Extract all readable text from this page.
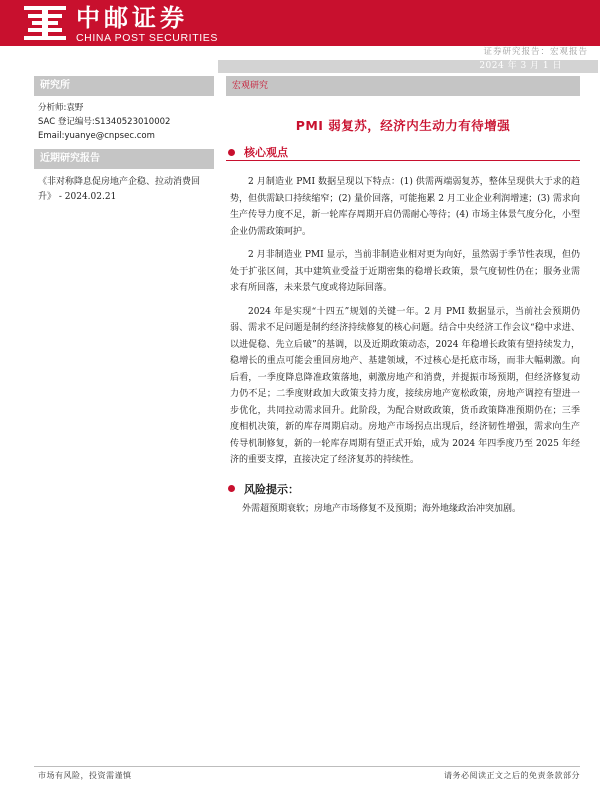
中邮证券
CHINA POST SECURITIES
证券研究报告：宏观报告
2024 年 3 月 1 日
研究所
分析师:袁野
SAC 登记编号:S1340523010002
Email:yuanye@cnpsec.com
近期研究报告
《非对称降息促房地产企稳、拉动消费回升》 - 2024.02.21
宏观研究
PMI 弱复苏，经济内生动力有待增强
核心观点

2 月制造业 PMI 数据呈现以下特点：(1) 供需两端弱复苏，整体呈现供大于求的趋势，但供需缺口持续缩窄；(2) 量价回落，可能拖累 2 月工业企业利润增速；(3) 需求向生产传导力度不足，新一轮库存周期开启仍需耐心等待；(4) 市场主体景气度分化，小型企业仍需政策呵护。

2 月非制造业 PMI 显示，当前非制造业相对更为向好，虽然弱于季节性表现，但仍处于扩张区间，其中建筑业受益于近期密集的稳增长政策，景气度韧性仍在；服务业需求有所回落，未来景气度或将边际回落。

2024 年是实现“十四五”规划的关键一年。2 月 PMI 数据显示，当前社会预期仍弱、需求不足问题是制约经济持续修复的核心问题。结合中央经济工作会议“稳中求进、以进促稳、先立后破”的基调，以及近期政策动态，2024 年稳增长政策有望持续发力，稳增长的重点可能会重回房地产、基建领域，不过核心是托底市场，而非大幅刺激。向后看，一季度降息降准政策落地，刺激房地产和消费，并提振市场预期，但经济修复动力仍不足；二季度财政加大政策支持力度，接续房地产宽松政策，房地产调控有望进一步优化，共同拉动需求回升。此阶段，为配合财政政策，货币政策降准预期仍在；三季度相机决策，新的库存周期启动。房地产市场拐点出现后，经济韧性增强，需求向生产传导机制修复，新的一轮库存周期有望正式开始，成为 2024 年四季度乃至 2025 年经济的重要支撑，直接决定了经济复苏的持续性。

风险提示：
外需超预期衰软；房地产市场修复不及预期；海外地缘政治冲突加剧。
市场有风险，投资需谨慎	请务必阅读正文之后的免责条款部分
